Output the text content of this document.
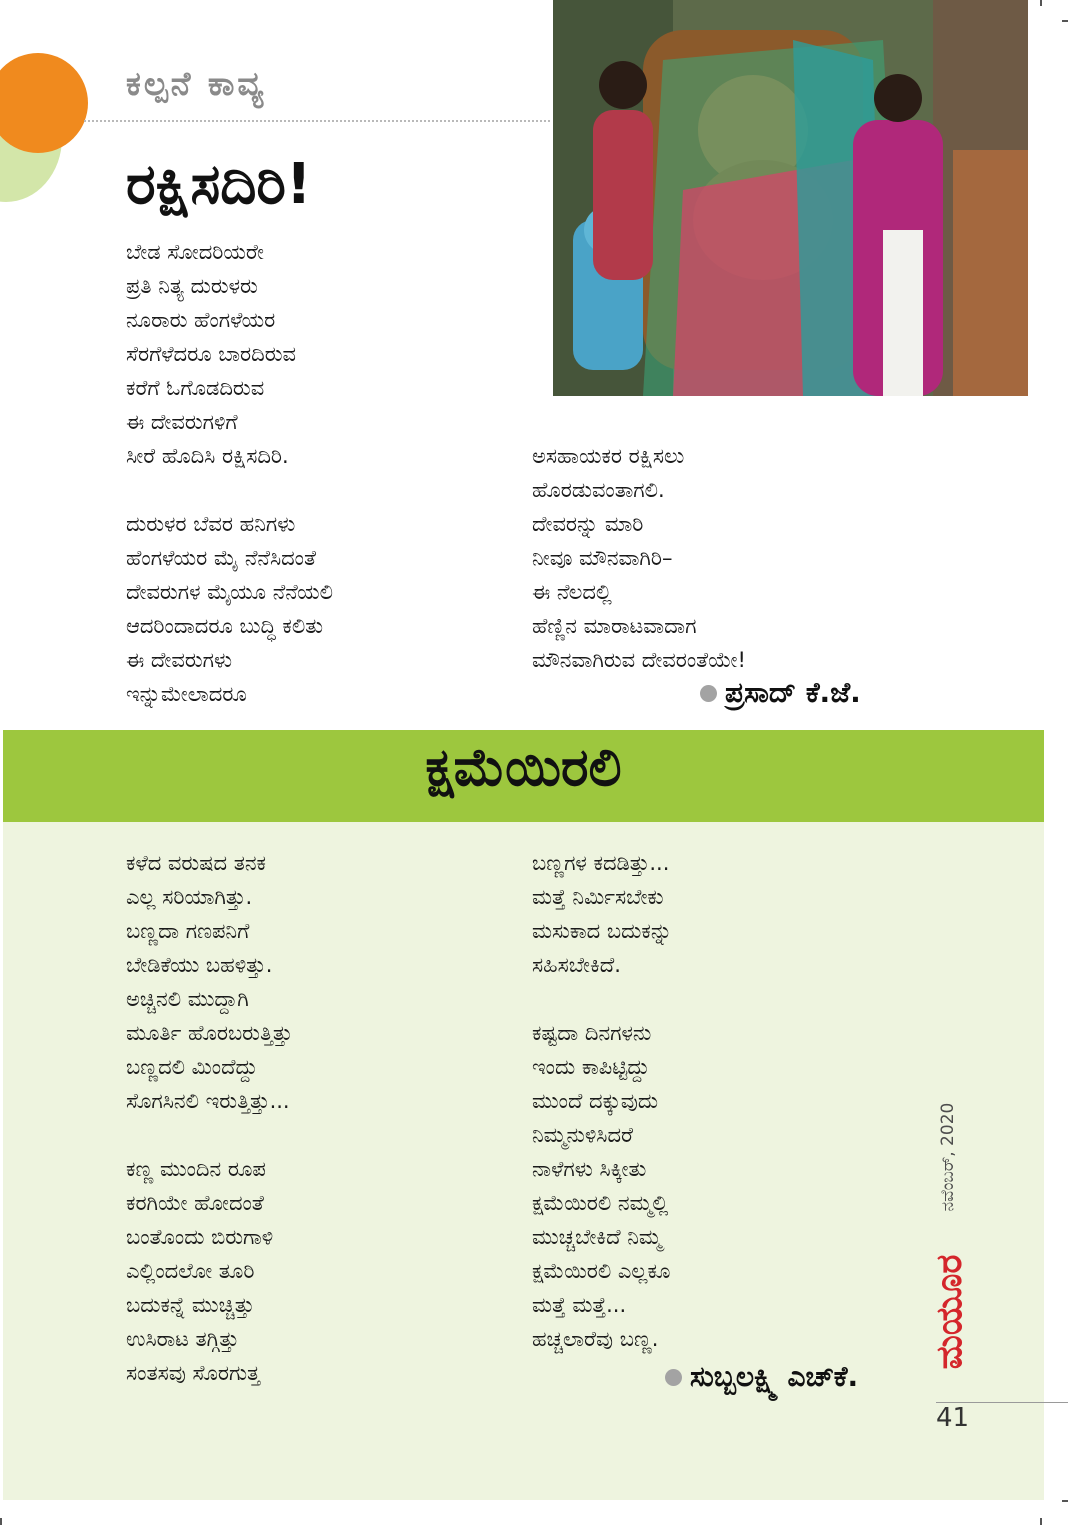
ಕಲ್ಪನೆ ಕಾವ್ಯ
ರಕ್ಷಿಸದಿರಿ!
ಬೇಡ ಸೋದರಿಯರೇ
ಪ್ರತಿ ನಿತ್ಯ ದುರುಳರು
ನೂರಾರು ಹೆಂಗಳೆಯರ
ಸೆರಗೆಳೆದರೂ ಬಾರದಿರುವ
ಕರೆಗೆ ಓಗೊಡದಿರುವ
ಈ ದೇವರುಗಳಿಗೆ
ಸೀರೆ ಹೊದಿಸಿ ರಕ್ಷಿಸದಿರಿ.
ದುರುಳರ ಬೆವರ ಹನಿಗಳು
ಹೆಂಗಳೆಯರ ಮೈ ನೆನೆಸಿದಂತೆ
ದೇವರುಗಳ ಮೈಯೂ ನೆನೆಯಲಿ
ಆದರಿಂದಾದರೂ ಬುದ್ಧಿ ಕಲಿತು
ಈ ದೇವರುಗಳು
ಇನ್ನುಮೇಲಾದರೂ
ಅಸಹಾಯಕರ ರಕ್ಷಿಸಲು
ಹೊರಡುವಂತಾಗಲಿ.
ದೇವರನ್ನು ಮಾರಿ
ನೀವೂ ಮೌನವಾಗಿರಿ–
ಈ ನೆಲದಲ್ಲಿ
ಹೆಣ್ಣಿನ ಮಾರಾಟವಾದಾಗ
ಮೌನವಾಗಿರುವ ದೇವರಂತೆಯೇ!
ಪ್ರಸಾದ್ ಕೆ.ಜೆ.
ಕ್ಷಮೆಯಿರಲಿ
ಕಳೆದ ವರುಷದ ತನಕ
ಎಲ್ಲ ಸರಿಯಾಗಿತ್ತು.
ಬಣ್ಣದಾ ಗಣಪನಿಗೆ
ಬೇಡಿಕೆಯು ಬಹಳಿತ್ತು.
ಅಚ್ಚಿನಲಿ ಮುದ್ದಾಗಿ
ಮೂರ್ತಿ ಹೊರಬರುತ್ತಿತ್ತು
ಬಣ್ಣದಲಿ ಮಿಂದೆದ್ದು
ಸೊಗಸಿನಲಿ ಇರುತ್ತಿತ್ತು...
ಕಣ್ಣ ಮುಂದಿನ ರೂಪ
ಕರಗಿಯೇ ಹೋದಂತೆ
ಬಂತೊಂದು ಬಿರುಗಾಳಿ
ಎಲ್ಲಿಂದಲೋ ತೂರಿ
ಬದುಕನ್ನೆ ಮುಚ್ಚಿತ್ತು
ಉಸಿರಾಟ ತಗ್ಗಿತ್ತು
ಸಂತಸವು ಸೊರಗುತ್ತ
ಬಣ್ಣಗಳ ಕದಡಿತ್ತು...
ಮತ್ತೆ ನಿರ್ಮಿಸಬೇಕು
ಮಸುಕಾದ ಬದುಕನ್ನು
ಸಹಿಸಬೇಕಿದೆ.
ಕಷ್ಟದಾ ದಿನಗಳನು
ಇಂದು ಕಾಪಿಟ್ಟಿದ್ದು
ಮುಂದೆ ದಕ್ಕುವುದು
ನಿಮ್ಮನುಳಿಸಿದರೆ
ನಾಳೆಗಳು ಸಿಕ್ಕೀತು
ಕ್ಷಮೆಯಿರಲಿ ನಮ್ಮಲ್ಲಿ
ಮುಚ್ಚಬೇಕಿದೆ ನಿಮ್ಮ
ಕ್ಷಮೆಯಿರಲಿ ಎಲ್ಲಕೂ
ಮತ್ತೆ ಮತ್ತೆ...
ಹಚ್ಚಲಾರೆವು ಬಣ್ಣ.
ಸುಬ್ಬಲಕ್ಷ್ಮಿ ಎಚ್‌ಕೆ.
ನವೆಂಬರ್, 2020
ಮಯೂರ
41
